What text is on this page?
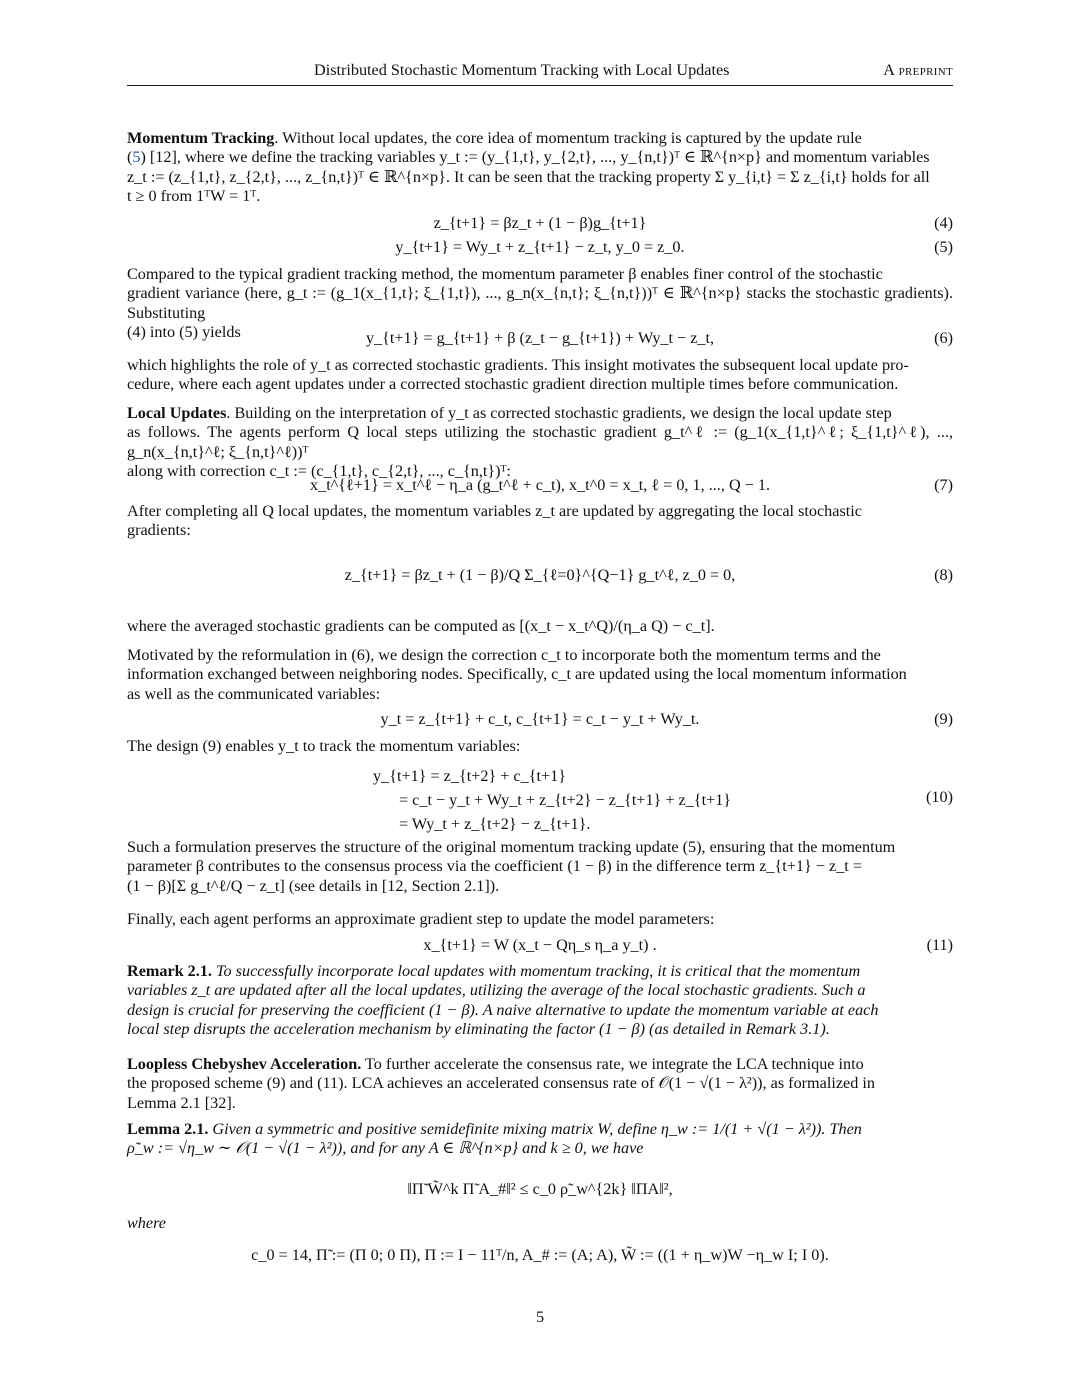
Distributed Stochastic Momentum Tracking with Local Updates	A preprint
Momentum Tracking. Without local updates, the core idea of momentum tracking is captured by the update rule
(5) [12], where we define the tracking variables y_t := (y_{1,t}, y_{2,t}, ..., y_{n,t})ᵀ ∈ ℝ^{n×p} and momentum variables
z_t := (z_{1,t}, z_{2,t}, ..., z_{n,t})ᵀ ∈ ℝ^{n×p}. It can be seen that the tracking property Σ y_{i,t} = Σ z_{i,t} holds for all
t ≥ 0 from 1ᵀW = 1ᵀ.
z_{t+1} = βz_t + (1 − β)g_{t+1}	(4)
y_{t+1} = Wy_t + z_{t+1} − z_t, y_0 = z_0.	(5)
Compared to the typical gradient tracking method, the momentum parameter β enables finer control of the stochastic
gradient variance (here, g_t := (g_1(x_{1,t}; ξ_{1,t}), ..., g_n(x_{n,t}; ξ_{n,t}))ᵀ ∈ ℝ^{n×p} stacks the stochastic gradients). Substituting
(4) into (5) yields	y_{t+1} = g_{t+1} + β (z_t − g_{t+1}) + Wy_t − z_t,	(6)
which highlights the role of y_t as corrected stochastic gradients. This insight motivates the subsequent local update pro-
cedure, where each agent updates under a corrected stochastic gradient direction multiple times before communication.
Local Updates. Building on the interpretation of y_t as corrected stochastic gradients, we design the local update step
as follows. The agents perform Q local steps utilizing the stochastic gradient g_t^ℓ := (g_1(x_{1,t}^ℓ; ξ_{1,t}^ℓ), ..., g_n(x_{n,t}^ℓ; ξ_{n,t}^ℓ))ᵀ
along with correction c_t := (c_{1,t}, c_{2,t}, ..., c_{n,t})ᵀ:
x_t^{ℓ+1} = x_t^ℓ − η_a (g_t^ℓ + c_t), x_t^0 = x_t, ℓ = 0, 1, ..., Q − 1.	(7)
After completing all Q local updates, the momentum variables z_t are updated by aggregating the local stochastic
gradients:
z_{t+1} = βz_t + (1 − β)/Q Σ_{ℓ=0}^{Q−1} g_t^ℓ, z_0 = 0,	(8)
where the averaged stochastic gradients can be computed as [(x_t − x_t^Q)/(η_a Q) − c_t].
Motivated by the reformulation in (6), we design the correction c_t to incorporate both the momentum terms and the
information exchanged between neighboring nodes. Specifically, c_t are updated using the local momentum information
as well as the communicated variables:
y_t = z_{t+1} + c_t, c_{t+1} = c_t − y_t + Wy_t.	(9)
The design (9) enables y_t to track the momentum variables:
y_{t+1} = z_{t+2} + c_{t+1}
= c_t − y_t + Wy_t + z_{t+2} − z_{t+1} + z_{t+1}
= Wy_t + z_{t+2} − z_{t+1}.
(10)
Such a formulation preserves the structure of the original momentum tracking update (5), ensuring that the momentum
parameter β contributes to the consensus process via the coefficient (1 − β) in the difference term z_{t+1} − z_t =
(1 − β)[Σ g_t^ℓ/Q − z_t] (see details in [12, Section 2.1]).
Finally, each agent performs an approximate gradient step to update the model parameters:
x_{t+1} = W (x_t − Qη_s η_a y_t) .	(11)
Remark 2.1. To successfully incorporate local updates with momentum tracking, it is critical that the momentum
variables z_t are updated after all the local updates, utilizing the average of the local stochastic gradients. Such a
design is crucial for preserving the coefficient (1 − β). A naive alternative to update the momentum variable at each
local step disrupts the acceleration mechanism by eliminating the factor (1 − β) (as detailed in Remark 3.1).
Loopless Chebyshev Acceleration. To further accelerate the consensus rate, we integrate the LCA technique into
the proposed scheme (9) and (11). LCA achieves an accelerated consensus rate of 𝒪(1 − √(1 − λ²)), as formalized in
Lemma 2.1 [32].
Lemma 2.1. Given a symmetric and positive semidefinite mixing matrix W, define η_w := 1/(1 + √(1 − λ²)). Then
ρ̃_w := √η_w ∼ 𝒪(1 − √(1 − λ²)), and for any A ∈ ℝ^{n×p} and k ≥ 0, we have
‖Π̃ W̃^k Π̃ A_#‖² ≤ c_0 ρ̃_w^{2k} ‖ΠA‖²,
where
c_0 = 14, Π̃ := (Π 0; 0 Π), Π := I − 11ᵀ/n, A_# := (A; A), W̃ := ((1 + η_w)W −η_w I; I 0).
5
